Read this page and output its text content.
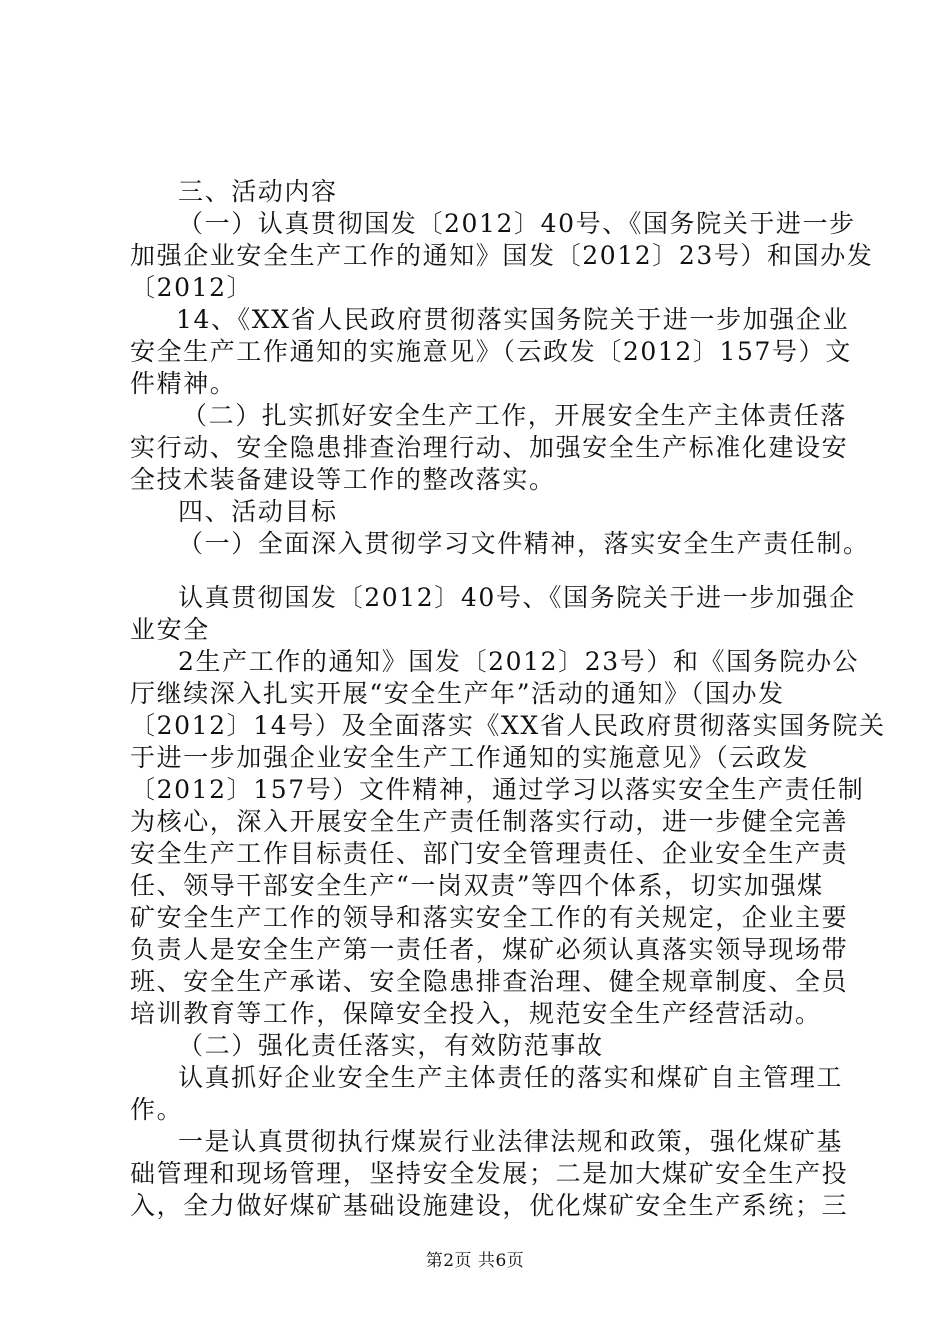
三、活动内容
（一）认真贯彻国发〔2012〕40号、《国务院关于进一步
加强企业安全生产工作的通知》国发〔2012〕23号）和国办发
〔2012〕
14、《XX省人民政府贯彻落实国务院关于进一步加强企业
安全生产工作通知的实施意见》（云政发〔2012〕157号）文
件精神。
（二）扎实抓好安全生产工作，开展安全生产主体责任落
实行动、安全隐患排查治理行动、加强安全生产标准化建设安
全技术装备建设等工作的整改落实。
四、活动目标
（一）全面深入贯彻学习文件精神，落实安全生产责任制。
认真贯彻国发〔2012〕40号、《国务院关于进一步加强企
业安全
2生产工作的通知》国发〔2012〕23号）和《国务院办公
厅继续深入扎实开展“安全生产年”活动的通知》（国办发
〔2012〕14号）及全面落实《XX省人民政府贯彻落实国务院关
于进一步加强企业安全生产工作通知的实施意见》（云政发
〔2012〕157号）文件精神，通过学习以落实安全生产责任制
为核心，深入开展安全生产责任制落实行动，进一步健全完善
安全生产工作目标责任、部门安全管理责任、企业安全生产责
任、领导干部安全生产“一岗双责”等四个体系，切实加强煤
矿安全生产工作的领导和落实安全工作的有关规定，企业主要
负责人是安全生产第一责任者，煤矿必须认真落实领导现场带
班、安全生产承诺、安全隐患排查治理、健全规章制度、全员
培训教育等工作，保障安全投入，规范安全生产经营活动。
（二）强化责任落实，有效防范事故
认真抓好企业安全生产主体责任的落实和煤矿自主管理工
作。
一是认真贯彻执行煤炭行业法律法规和政策，强化煤矿基
础管理和现场管理，坚持安全发展；二是加大煤矿安全生产投
入，全力做好煤矿基础设施建设，优化煤矿安全生产系统；三
第2页 共6页
